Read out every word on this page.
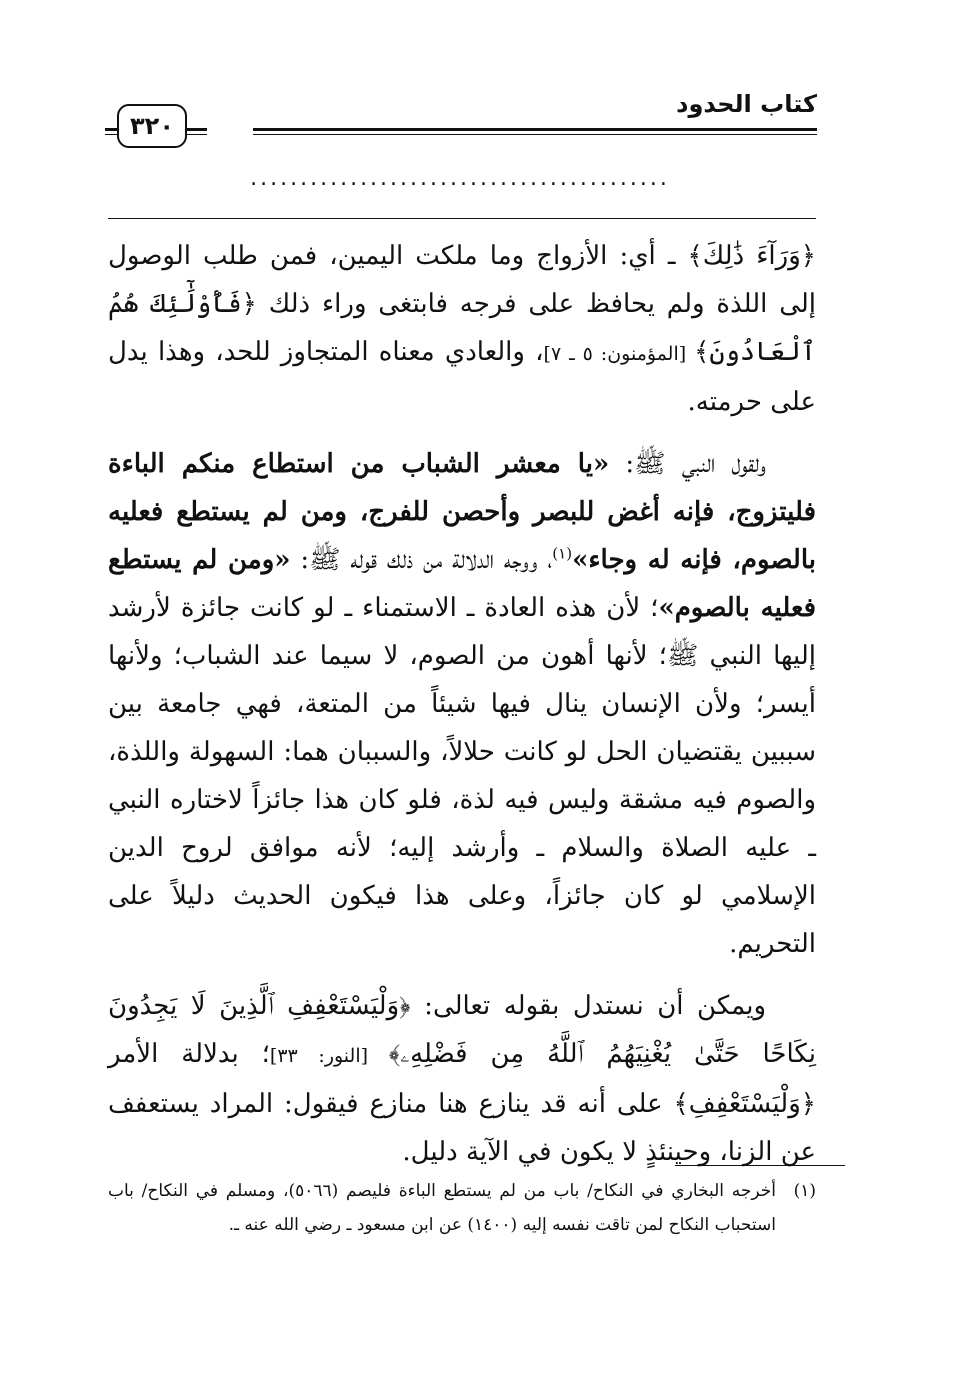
٣٢٠
كتاب الحدود
..........................................

﴿وَرَآءَ ذَٰلِكَ﴾ ـ أي: الأزواج وما ملكت اليمين، فمن طلب الوصول إلى اللذة ولم يحافظ على فرجه فابتغى وراء ذلك ﴿فَأُوْلَٰٓئِكَ هُمُ ٱلْعَادُونَ﴾ [المؤمنون: ٥ ـ ٧]، والعادي معناه المتجاوز للحد، وهذا يدل على حرمته.

ولقول النبي ﷺ: «يا معشر الشباب من استطاع منكم الباءة فليتزوج، فإنه أغض للبصر وأحصن للفرج، ومن لم يستطع فعليه بالصوم، فإنه له وجاء»$^{(١)}$، ووجه الدلالة من ذلك قوله ﷺ: «ومن لم يستطع فعليه بالصوم»؛ لأن هذه العادة ـ الاستمناء ـ لو كانت جائزة لأرشد إليها النبي ﷺ؛ لأنها أهون من الصوم، لا سيما عند الشباب؛ ولأنها أيسر؛ ولأن الإنسان ينال فيها شيئاً من المتعة، فهي جامعة بين سببين يقتضيان الحل لو كانت حلالاً، والسببان هما: السهولة واللذة، والصوم فيه مشقة وليس فيه لذة، فلو كان هذا جائزاً لاختاره النبي ـ عليه الصلاة والسلام ـ وأرشد إليه؛ لأنه موافق لروح الدين الإسلامي لو كان جائزاً، وعلى هذا فيكون الحديث دليلاً على التحريم.

ويمكن أن نستدل بقوله تعالى: ﴿وَلْيَسْتَعْفِفِ ٱلَّذِينَ لَا يَجِدُونَ نِكَاحًا حَتَّىٰ يُغْنِيَهُمُ ٱللَّهُ مِن فَضْلِهِۦ﴾ [النور: ٣٣]؛ بدلالة الأمر ﴿وَلْيَسْتَعْفِفِ﴾ على أنه قد ينازع هنا منازع فيقول: المراد يستعفف عن الزنا، وحينئذٍ لا يكون في الآية دليل.

(١)
أخرجه البخاري في النكاح/ باب من لم يستطع الباءة فليصم (٥٠٦٦)، ومسلم في النكاح/ باب استحباب النكاح لمن تاقت نفسه إليه (١٤٠٠) عن ابن مسعود ـ رضي الله عنه ـ.
